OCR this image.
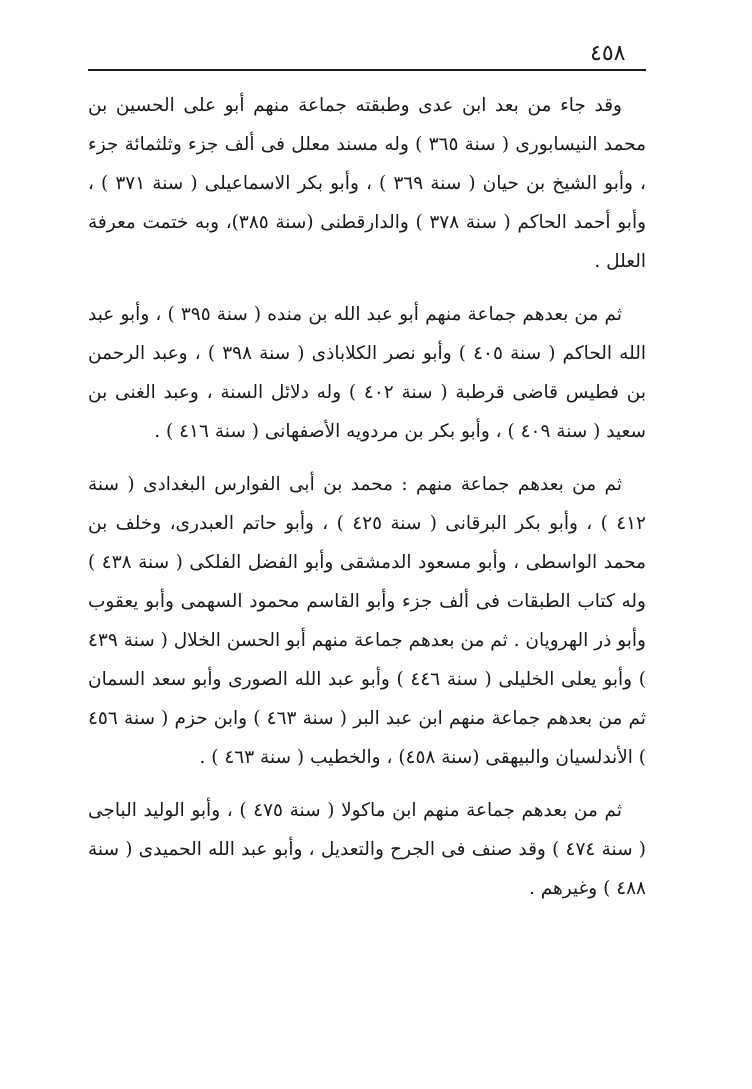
٤٥٨

وقد جاء من بعد ابن عدى وطبقته جماعة منهم أبو على الحسين بن محمد النيسابورى ( سنة ٣٦٥ ) وله مسند معلل فى ألف جزء وثلثمائة جزء ، وأبو الشيخ بن حيان ( سنة ٣٦٩ ) ، وأبو بكر الاسماعيلى ( سنة ٣٧١ ) ، وأبو أحمد الحاكم ( سنة ٣٧٨ ) والدارقطنى (سنة ٣٨٥)، وبه ختمت معرفة العلل .

ثم من بعدهم جماعة منهم أبو عبد الله بن منده ( سنة ٣٩٥ ) ، وأبو عبد الله الحاكم ( سنة ٤٠٥ ) وأبو نصر الكلاباذى ( سنة ٣٩٨ ) ، وعبد الرحمن بن فطيس قاضى قرطبة ( سنة ٤٠٢ ) وله دلائل السنة ، وعبد الغنى بن سعيد ( سنة ٤٠٩ ) ، وأبو بكر بن مردويه الأصفهانى ( سنة ٤١٦ ) .

ثم من بعدهم جماعة منهم : محمد بن أبى الفوارس البغدادى ( سنة ٤١٢ ) ، وأبو بكر البرقانى ( سنة ٤٢٥ ) ، وأبو حاتم العبدرى، وخلف بن محمد الواسطى ، وأبو مسعود الدمشقى وأبو الفضل الفلكى ( سنة ٤٣٨ ) وله كتاب الطبقات فى ألف جزء وأبو القاسم محمود السهمى وأبو يعقوب وأبو ذر الهرويان . ثم من بعدهم جماعة منهم أبو الحسن الخلال ( سنة ٤٣٩ ) وأبو يعلى الخليلى ( سنة ٤٤٦ ) وأبو عبد الله الصورى وأبو سعد السمان ثم من بعدهم جماعة منهم ابن عبد البر ( سنة ٤٦٣ ) وابن حزم ( سنة ٤٥٦ ) الأندلسيان والبيهقى (سنة ٤٥٨) ، والخطيب ( سنة ٤٦٣ ) .

ثم من بعدهم جماعة منهم ابن ماكولا ( سنة ٤٧٥ ) ، وأبو الوليد الباجى ( سنة ٤٧٤ ) وقد صنف فى الجرح والتعديل ، وأبو عبد الله الحميدى ( سنة ٤٨٨ ) وغيرهم .
